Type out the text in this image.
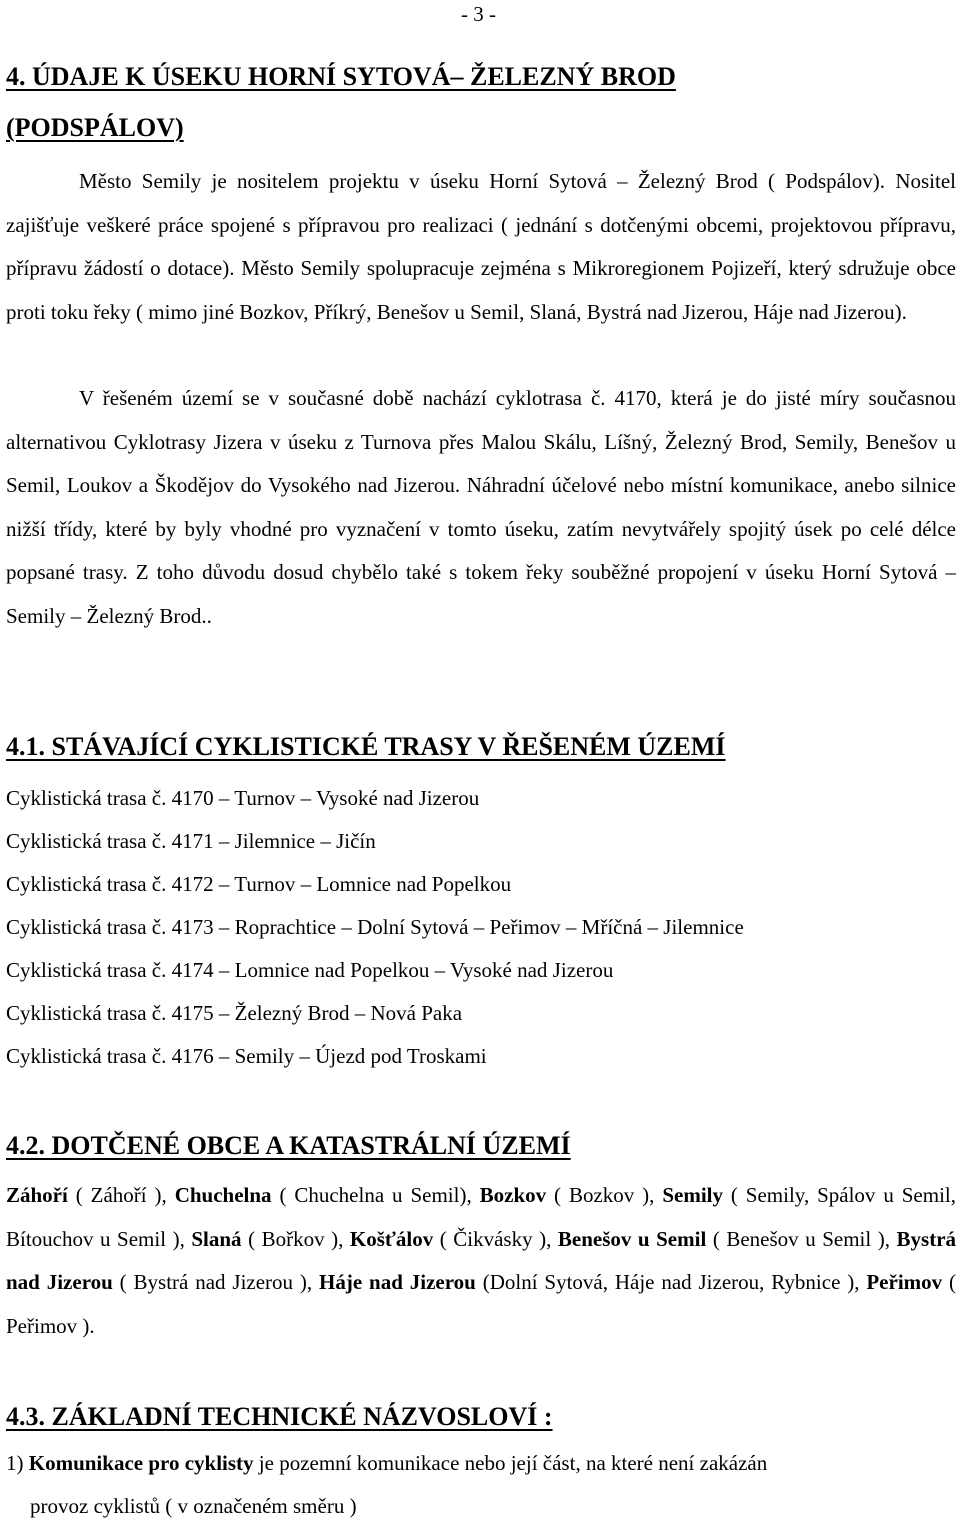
- 3 -
4. ÚDAJE K ÚSEKU HORNÍ SYTOVÁ– ŽELEZNÝ BROD
(PODSPÁLOV)

Město Semily je nositelem projektu v úseku Horní Sytová – Železný Brod ( Podspálov). Nositel zajišťuje veškeré práce spojené s přípravou pro realizaci ( jednání s dotčenými obcemi, projektovou přípravu, přípravu žádostí o dotace). Město Semily spolupracuje zejména s Mikroregionem Pojizeří, který sdružuje obce proti toku řeky ( mimo jiné Bozkov, Příkrý, Benešov u Semil, Slaná, Bystrá nad Jizerou, Háje nad Jizerou).

V řešeném území se v současné době nachází cyklotrasa č. 4170, která je do jisté míry současnou alternativou Cyklotrasy Jizera v úseku z Turnova přes Malou Skálu, Líšný, Železný Brod, Semily, Benešov u Semil, Loukov a Škodějov do Vysokého nad Jizerou. Náhradní účelové nebo místní komunikace, anebo silnice nižší třídy, které by byly vhodné pro vyznačení v tomto úseku, zatím nevytvářely spojitý úsek po celé délce popsané trasy. Z toho důvodu dosud chybělo také s tokem řeky souběžné propojení v úseku Horní Sytová – Semily – Železný Brod..

4.1. STÁVAJÍCÍ CYKLISTICKÉ TRASY V ŘEŠENÉM ÚZEMÍ
Cyklistická trasa č. 4170 – Turnov – Vysoké nad Jizerou
Cyklistická trasa č. 4171 – Jilemnice – Jičín
Cyklistická trasa č. 4172 – Turnov – Lomnice nad Popelkou
Cyklistická trasa č. 4173 – Roprachtice – Dolní Sytová – Peřimov – Mříčná – Jilemnice
Cyklistická trasa č. 4174 – Lomnice nad Popelkou – Vysoké nad Jizerou
Cyklistická trasa č. 4175 – Železný Brod – Nová Paka
Cyklistická trasa č. 4176 – Semily – Újezd pod Troskami
4.2. DOTČENÉ OBCE A KATASTRÁLNÍ ÚZEMÍ

Záhoří ( Záhoří ), Chuchelna ( Chuchelna u Semil), Bozkov ( Bozkov ), Semily ( Semily, Spálov u Semil, Bítouchov u Semil ), Slaná ( Bořkov ), Košťálov ( Čikvásky ), Benešov u Semil ( Benešov u Semil ), Bystrá nad Jizerou ( Bystrá nad Jizerou ), Háje nad Jizerou (Dolní Sytová, Háje nad Jizerou, Rybnice ), Peřimov ( Peřimov ).

4.3. ZÁKLADNÍ TECHNICKÉ NÁZVOSLOVÍ :
1) Komunikace pro cyklisty je pozemní komunikace nebo její část, na které není zakázán
provoz cyklistů ( v označeném směru )
